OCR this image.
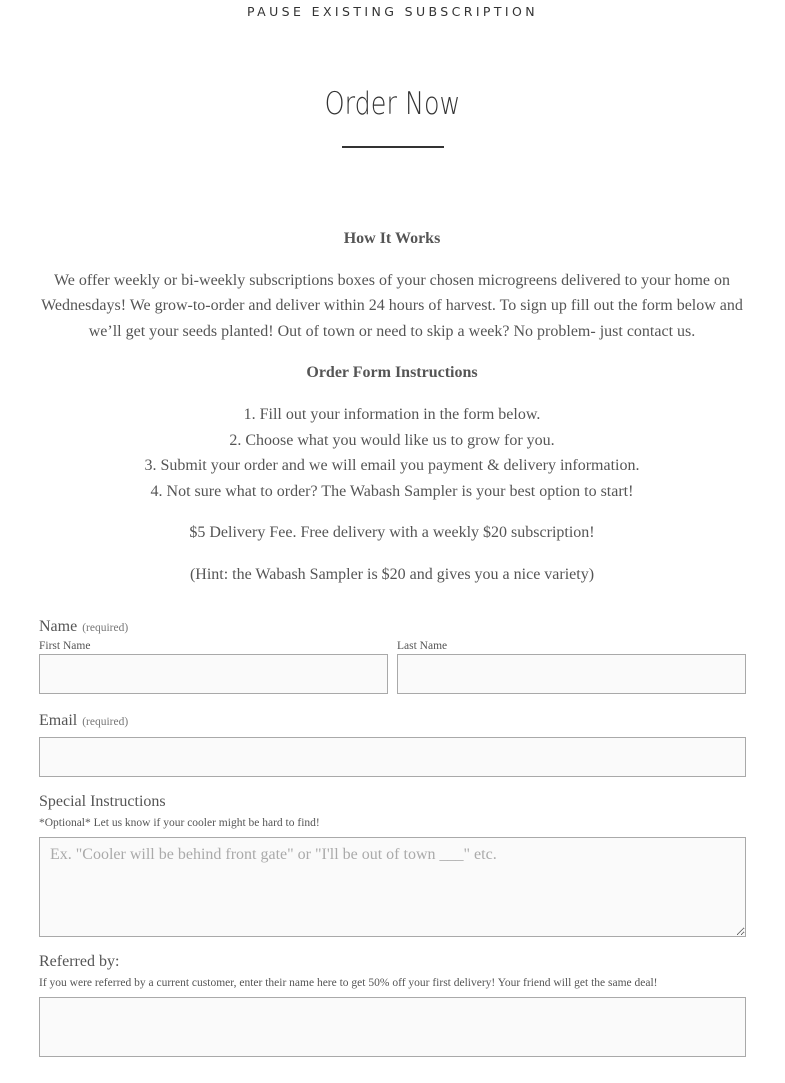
PAUSE EXISTING SUBSCRIPTION
Order Now

How It Works

We offer weekly or bi-weekly subscriptions boxes of your chosen microgreens delivered to your home on Wednesdays! We grow-to-order and deliver within 24 hours of harvest. To sign up fill out the form below and we’ll get your seeds planted! Out of town or need to skip a week? No problem- just contact us.

Order Form Instructions

1. Fill out your information in the form below.
2. Choose what you would like us to grow for you.
3. Submit your order and we will email you payment & delivery information.
4. Not sure what to order? The Wabash Sampler is your best option to start!

$5 Delivery Fee. Free delivery with a weekly $20 subscription!

(Hint: the Wabash Sampler is $20 and gives you a nice variety)

Name (required)
First Name	Last Name
Email (required)
Special Instructions
*Optional* Let us know if your cooler might be hard to find!
Ex. "Cooler will be behind front gate" or "I'll be out of town ___" etc.
Referred by:
If you were referred by a current customer, enter their name here to get 50% off your first delivery! Your friend will get the same deal!
